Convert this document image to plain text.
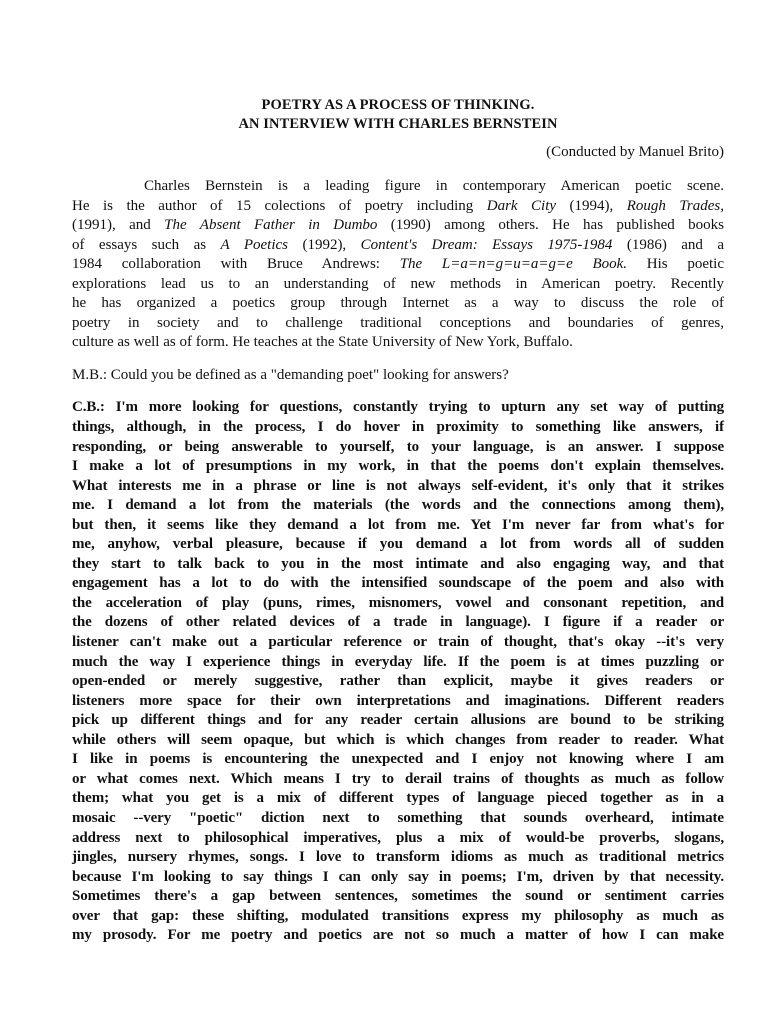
POETRY AS A PROCESS OF THINKING.
AN INTERVIEW WITH CHARLES BERNSTEIN
(Conducted by Manuel Brito)
Charles Bernstein is a leading figure in contemporary American poetic scene.
He is the author of 15 colections of poetry including Dark City (1994), Rough Trades,
(1991), and The Absent Father in Dumbo (1990) among others. He has published books
of essays such as A Poetics (1992), Content's Dream: Essays 1975-1984 (1986) and a
1984 collaboration with Bruce Andrews: The L=a=n=g=u=a=g=e Book. His poetic
explorations lead us to an understanding of new methods in American poetry. Recently
he has organized a poetics group through Internet as a way to discuss the role of
poetry in society and to challenge traditional conceptions and boundaries of genres,
culture as well as of form. He teaches at the State University of New York, Buffalo.
M.B.: Could you be defined as a "demanding poet" looking for answers?
C.B.: I'm more looking for questions, constantly trying to upturn any set way of putting
things, although, in the process, I do hover in proximity to something like answers, if
responding, or being answerable to yourself, to your language, is an answer. I suppose
I make a lot of presumptions in my work, in that the poems don't explain themselves.
What interests me in a phrase or line is not always self-evident, it's only that it strikes
me. I demand a lot from the materials (the words and the connections among them),
but then, it seems like they demand a lot from me. Yet I'm never far from what's for
me, anyhow, verbal pleasure, because if you demand a lot from words all of sudden
they start to talk back to you in the most intimate and also engaging way, and that
engagement has a lot to do with the intensified soundscape of the poem and also with
the acceleration of play (puns, rimes, misnomers, vowel and consonant repetition, and
the dozens of other related devices of a trade in language). I figure if a reader or
listener can't make out a particular reference or train of thought, that's okay --it's very
much the way I experience things in everyday life. If the poem is at times puzzling or
open-ended or merely suggestive, rather than explicit, maybe it gives readers or
listeners more space for their own interpretations and imaginations. Different readers
pick up different things and for any reader certain allusions are bound to be striking
while others will seem opaque, but which is which changes from reader to reader. What
I like in poems is encountering the unexpected and I enjoy not knowing where I am
or what comes next. Which means I try to derail trains of thoughts as much as follow
them; what you get is a mix of different types of language pieced together as in a
mosaic --very "poetic" diction next to something that sounds overheard, intimate
address next to philosophical imperatives, plus a mix of would-be proverbs, slogans,
jingles, nursery rhymes, songs. I love to transform idioms as much as traditional metrics
because I'm looking to say things I can only say in poems; I'm, driven by that necessity.
Sometimes there's a gap between sentences, sometimes the sound or sentiment carries
over that gap: these shifting, modulated transitions express my philosophy as much as
my prosody. For me poetry and poetics are not so much a matter of how I can make
